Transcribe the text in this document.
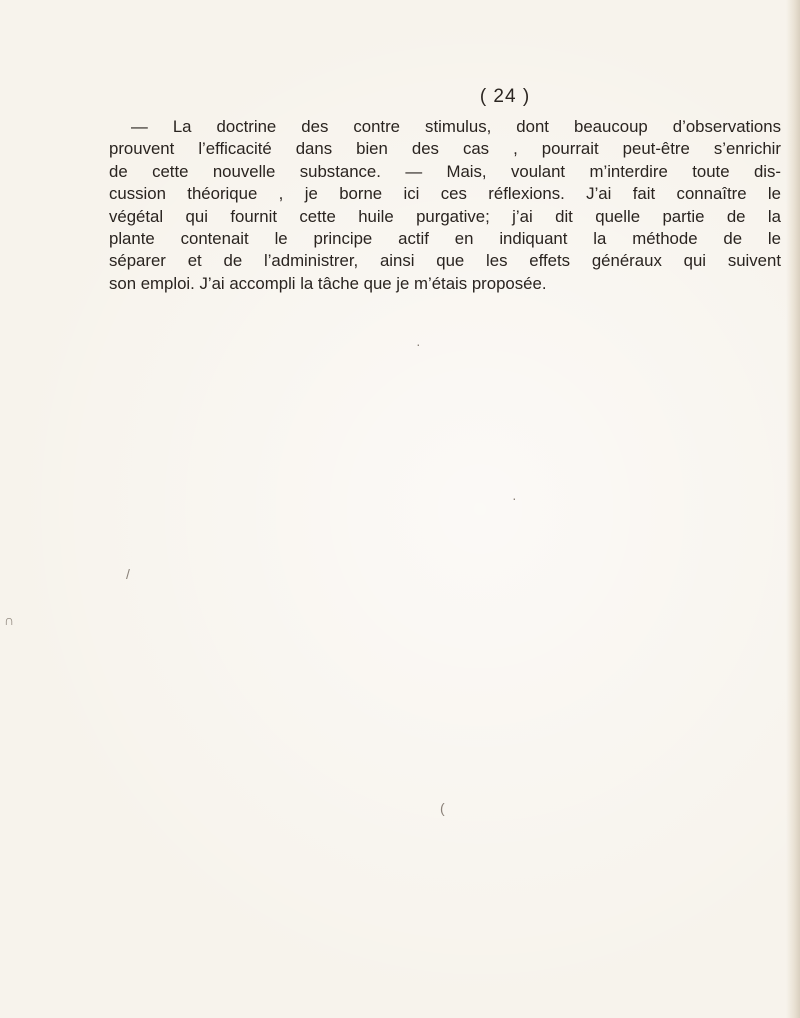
( 24 )
— La doctrine des contre stimulus, dont beaucoup d’observations
prouvent l’efficacité dans bien des cas , pourrait peut-être s’enrichir
de cette nouvelle substance. — Mais, voulant m’interdire toute dis-
cussion théorique , je borne ici ces réflexions. J’ai fait connaître le
végétal qui fournit cette huile purgative; j’ai dit quelle partie de la
plante contenait le principe actif en indiquant la méthode de le
séparer et de l’administrer, ainsi que les effets généraux qui suivent
son emploi. J’ai accompli la tâche que je m’étais proposée.
·
/
∩
·
(
